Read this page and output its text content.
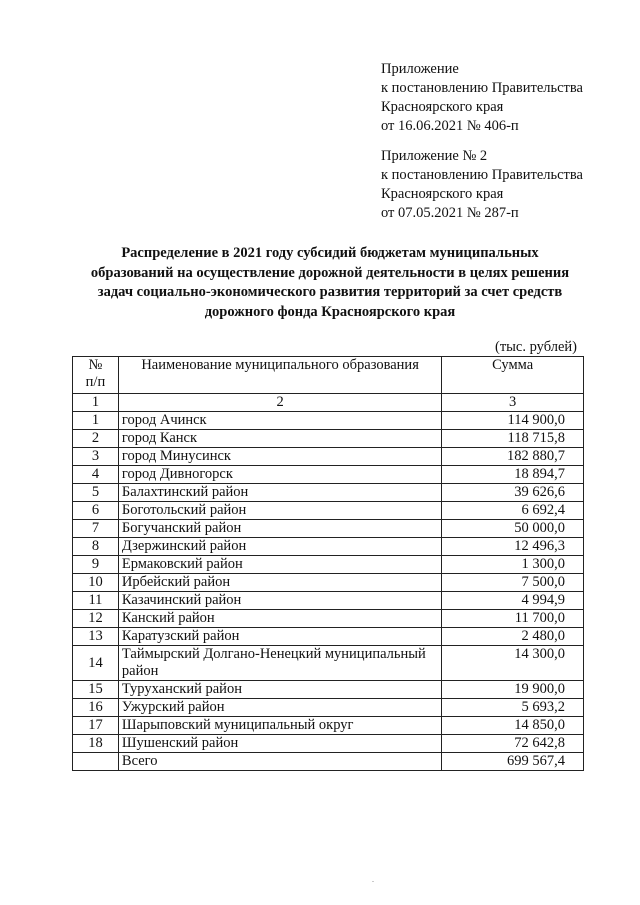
Приложение
к постановлению Правительства
Красноярского края
от 16.06.2021 № 406-п
Приложение № 2
к постановлению Правительства
Красноярского края
от 07.05.2021 № 287-п
Распределение в 2021 году субсидий бюджетам муниципальных
образований на осуществление дорожной деятельности в целях решения
задач социально-экономического развития территорий за счет средств
дорожного фонда Красноярского края
(тыс. рублей)
№
п/п	Наименование муниципального образования	Сумма
1	2	3
1	город Ачинск	114 900,0
2	город Канск	118 715,8
3	город Минусинск	182 880,7
4	город Дивногорск	18 894,7
5	Балахтинский район	39 626,6
6	Боготольский район	6 692,4
7	Богучанский район	50 000,0
8	Дзержинский район	12 496,3
9	Ермаковский район	1 300,0
10	Ирбейский район	7 500,0
11	Казачинский район	4 994,9
12	Канский район	11 700,0
13	Каратузский район	2 480,0
14	Таймырский Долгано-Ненецкий муниципальный район	14 300,0
15	Туруханский район	19 900,0
16	Ужурский район	5 693,2
17	Шарыповский муниципальный округ	14 850,0
18	Шушенский район	72 642,8
	Всего	699 567,4
.
